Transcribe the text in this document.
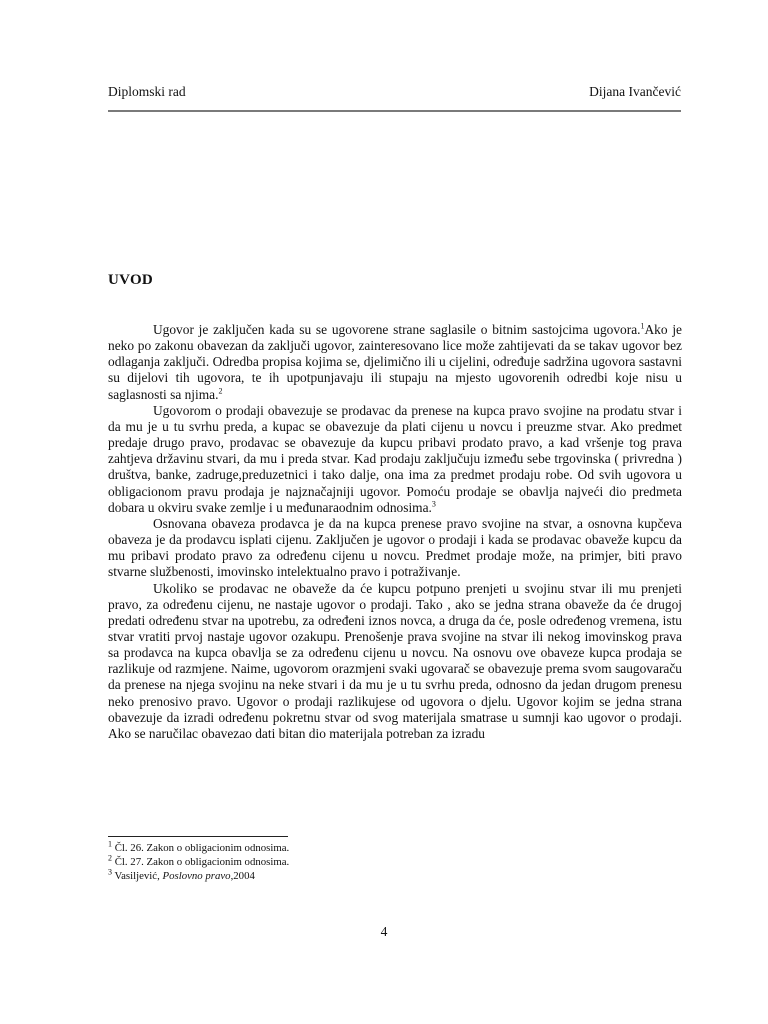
Diplomski rad	Dijana Ivančević
UVOD

Ugovor je zaključen kada su se ugovorene strane saglasile o bitnim sastojcima ugovora.$^1$Ako je neko po zakonu obavezan da zaključi ugovor, zainteresovano lice može zahtijevati da se takav ugovor bez odlaganja zaključi. Odredba propisa kojima se, djelimično ili u cijelini, određuje sadržina ugovora sastavni su dijelovi tih ugovora, te ih upotpunjavaju ili stupaju na mjesto ugovorenih odredbi koje nisu u saglasnosti sa njima.$^2$

Ugovorom o prodaji obavezuje se prodavac da prenese na kupca pravo svojine na prodatu stvar i da mu je u tu svrhu preda, a kupac se obavezuje da plati cijenu u novcu i preuzme stvar. Ako predmet predaje drugo pravo, prodavac se obavezuje da kupcu pribavi prodato pravo, a kad vršenje tog prava zahtjeva državinu stvari, da mu i preda stvar. Kad prodaju zaključuju između sebe trgovinska ( privredna ) društva, banke, zadruge,preduzetnici i tako dalje, ona ima za predmet prodaju robe. Od svih ugovora u obligacionom pravu prodaja je najznačajniji ugovor. Pomoću prodaje se obavlja najveći dio predmeta dobara u okviru svake zemlje i u međunaraodnim odnosima.$^3$

Osnovana obaveza prodavca je da na kupca prenese pravo svojine na stvar, a osnovna kupčeva obaveza je da prodavcu isplati cijenu. Zaključen je ugovor o prodaji i kada se prodavac obaveže kupcu da mu pribavi prodato pravo za određenu cijenu u novcu. Predmet prodaje može, na primjer, biti pravo stvarne službenosti, imovinsko intelektualno pravo i potraživanje.

Ukoliko se prodavac ne obaveže da će kupcu potpuno prenjeti u svojinu stvar ili mu prenjeti pravo, za određenu cijenu, ne nastaje ugovor o prodaji. Tako , ako se jedna strana obaveže da će drugoj predati određenu stvar na upotrebu, za određeni iznos novca, a druga da će, posle određenog vremena, istu stvar vratiti prvoj nastaje ugovor ozakupu. Prenošenje prava svojine na stvar ili nekog imovinskog prava sa prodavca na kupca obavlja se za određenu cijenu u novcu. Na osnovu ove obaveze kupca prodaja se razlikuje od razmjene. Naime, ugovorom orazmjeni svaki ugovarač se obavezuje prema svom saugovaraču da prenese na njega svojinu na neke stvari i da mu je u tu svrhu preda, odnosno da jedan drugom prenesu neko prenosivo pravo. Ugovor o prodaji razlikujese od ugovora o djelu. Ugovor kojim se jedna strana obavezuje da izradi određenu pokretnu stvar od svog materijala smatrase u sumnji kao ugovor o prodaji. Ako se naručilac obavezao dati bitan dio materijala potreban za izradu

$^1$ Čl. 26. Zakon o obligacionim odnosima.
$^2$ Čl. 27. Zakon o obligacionim odnosima.
$^3$ Vasiljević, Poslovno pravo,2004
4
